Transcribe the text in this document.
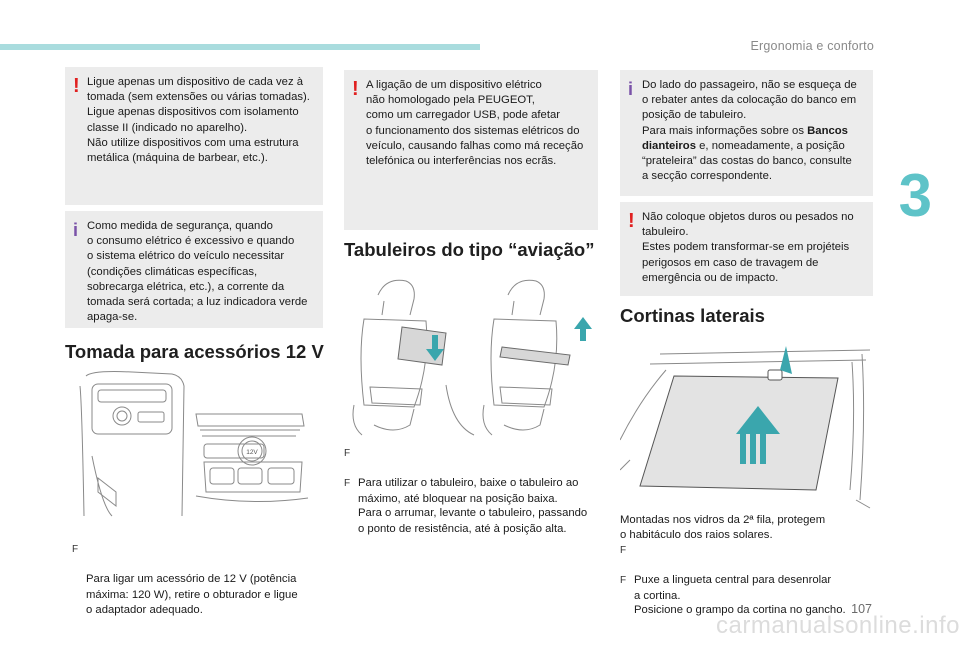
Ergonomia e conforto
3
! Ligue apenas um dispositivo de cada vez à
tomada (sem extensões ou várias tomadas).
Ligue apenas dispositivos com isolamento
classe II (indicado no aparelho).
Não utilize dispositivos com uma estrutura
metálica (máquina de barbear, etc.).

i Como medida de segurança, quando
o consumo elétrico é excessivo e quando
o sistema elétrico do veículo necessitar
(condições climáticas específicas,
sobrecarga elétrica, etc.), a corrente da
tomada será cortada; a luz indicadora verde
apaga-se.

Tomada para acessórios 12 V
12V

F

Para ligar um acessório de 12 V (potência
máxima: 120 W), retire o obturador e ligue
o adaptador adequado.

! A ligação de um dispositivo elétrico
não homologado pela PEUGEOT,
como um carregador USB, pode afetar
o funcionamento dos sistemas elétricos do
veículo, causando falhas como má receção
telefónica ou interferências nos ecrãs.

Tabuleiros do tipo “aviação”

F

Para utilizar o tabuleiro, baixe o tabuleiro ao
máximo, até bloquear na posição baixa.

F

Para o arrumar, levante o tabuleiro, passando
o ponto de resistência, até à posição alta.

i Do lado do passageiro, não se esqueça de
o rebater antes da colocação do banco em
posição de tabuleiro.
Para mais informações sobre os Bancos
dianteiros e, nomeadamente, a posição
“prateleira” das costas do banco, consulte
a secção correspondente.

! Não coloque objetos duros ou pesados no
tabuleiro.
Estes podem transformar-se em projéteis
perigosos em caso de travagem de
emergência ou de impacto.

Cortinas laterais
Montadas nos vidros da 2ª fila, protegem
o habitáculo dos raios solares.

F

Puxe a lingueta central para desenrolar
a cortina.

F

Posicione o grampo da cortina no gancho. 107
carmanualsonline.info
